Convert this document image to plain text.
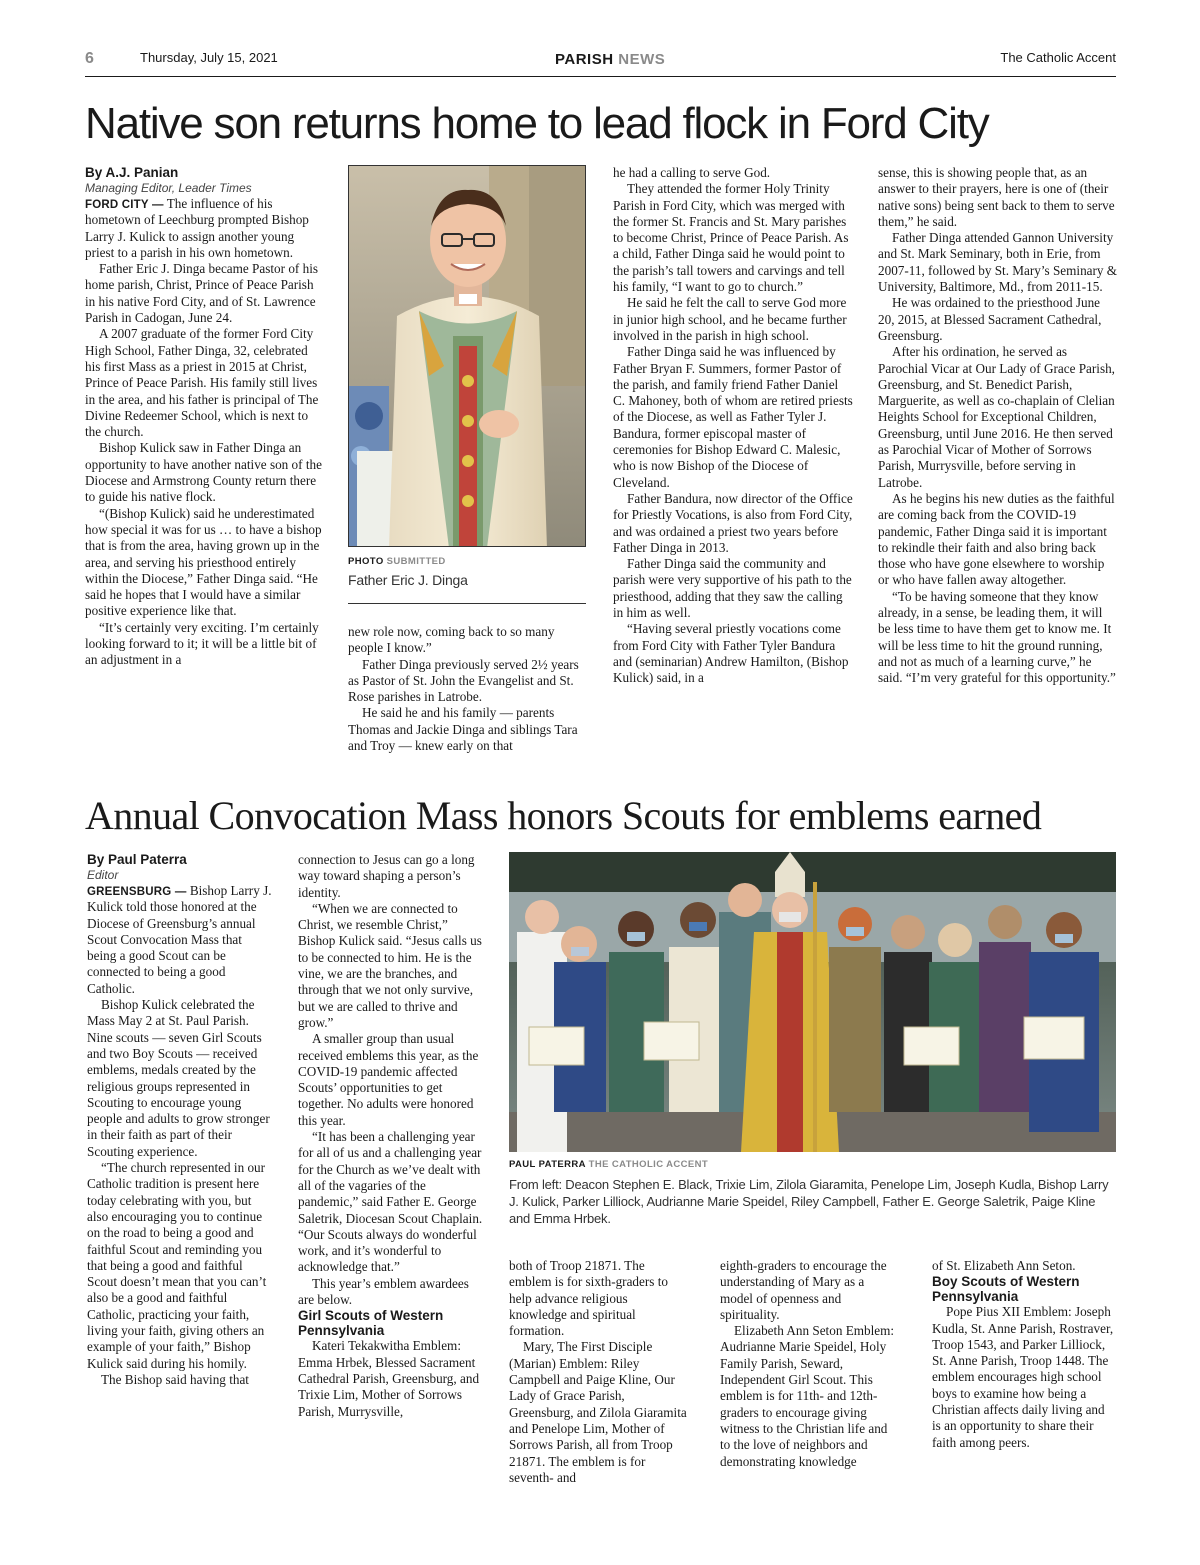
6	Thursday, July 15, 2021	PARISH NEWS	The Catholic Accent
Native son returns home to lead flock in Ford City

By A.J. Panian

Managing Editor, Leader Times

FORD CITY — The influence of his hometown of Leechburg prompted Bishop Larry J. Kulick to assign another young priest to a parish in his own hometown.

Father Eric J. Dinga became Pastor of his home parish, Christ, Prince of Peace Parish in his native Ford City, and of St. Lawrence Parish in Cadogan, June 24.

A 2007 graduate of the former Ford City High School, Father Dinga, 32, celebrated his first Mass as a priest in 2015 at Christ, Prince of Peace Parish. His family still lives in the area, and his father is principal of The Divine Redeemer School, which is next to the church.

Bishop Kulick saw in Father Dinga an opportunity to have another native son of the Diocese and Armstrong County return there to guide his native flock.

“(Bishop Kulick) said he underestimated how special it was for us … to have a bishop that is from the area, having grown up in the area, and serving his priesthood entirely within the Diocese,” Father Dinga said. “He said he hopes that I would have a similar positive experience like that.

“It’s certainly very exciting. I’m certainly looking forward to it; it will be a little bit of an adjustment in a

PHOTO SUBMITTED
Father Eric J. Dinga

new role now, coming back to so many people I know.”

Father Dinga previously served 2½ years as Pastor of St. John the Evangelist and St. Rose parishes in Latrobe.

He said he and his family — parents Thomas and Jackie Dinga and siblings Tara and Troy — knew early on that

he had a calling to serve God.

They attended the former Holy Trinity Parish in Ford City, which was merged with the former St. Francis and St. Mary parishes to become Christ, Prince of Peace Parish. As a child, Father Dinga said he would point to the parish’s tall towers and carvings and tell his family, “I want to go to church.”

He said he felt the call to serve God more in junior high school, and he became further involved in the parish in high school.

Father Dinga said he was influenced by Father Bryan F. Summers, former Pastor of the parish, and family friend Father Daniel C. Mahoney, both of whom are retired priests of the Diocese, as well as Father Tyler J. Bandura, former episcopal master of ceremonies for Bishop Edward C. Malesic, who is now Bishop of the Diocese of Cleveland.

Father Bandura, now director of the Office for Priestly Vocations, is also from Ford City, and was ordained a priest two years before Father Dinga in 2013.

Father Dinga said the community and parish were very supportive of his path to the priesthood, adding that they saw the calling in him as well.

“Having several priestly vocations come from Ford City with Father Tyler Bandura and (seminarian) Andrew Hamilton, (Bishop Kulick) said, in a

sense, this is showing people that, as an answer to their prayers, here is one of (their native sons) being sent back to them to serve them,” he said.

Father Dinga attended Gannon University and St. Mark Seminary, both in Erie, from 2007-11, followed by St. Mary’s Seminary & University, Baltimore, Md., from 2011-15.

He was ordained to the priesthood June 20, 2015, at Blessed Sacrament Cathedral, Greensburg.

After his ordination, he served as Parochial Vicar at Our Lady of Grace Parish, Greensburg, and St. Benedict Parish, Marguerite, as well as co-chaplain of Clelian Heights School for Exceptional Children, Greensburg, until June 2016. He then served as Parochial Vicar of Mother of Sorrows Parish, Murrysville, before serving in Latrobe.

As he begins his new duties as the faithful are coming back from the COVID-19 pandemic, Father Dinga said it is important to rekindle their faith and also bring back those who have gone elsewhere to worship or who have fallen away altogether.

“To be having someone that they know already, in a sense, be leading them, it will be less time to have them get to know me. It will be less time to hit the ground running, and not as much of a learning curve,” he said. “I’m very grateful for this opportunity.”

Annual Convocation Mass honors Scouts for emblems earned

By Paul Paterra

Editor

GREENSBURG — Bishop Larry J. Kulick told those honored at the Diocese of Greensburg’s annual Scout Convocation Mass that being a good Scout can be connected to being a good Catholic.

Bishop Kulick celebrated the Mass May 2 at St. Paul Parish. Nine scouts — seven Girl Scouts and two Boy Scouts — received emblems, medals created by the religious groups represented in Scouting to encourage young people and adults to grow stronger in their faith as part of their Scouting experience.

“The church represented in our Catholic tradition is present here today celebrating with you, but also encouraging you to continue on the road to being a good and faithful Scout and reminding you that being a good and faithful Scout doesn’t mean that you can’t also be a good and faithful Catholic, practicing your faith, living your faith, giving others an example of your faith,” Bishop Kulick said during his homily.

The Bishop said having that

connection to Jesus can go a long way toward shaping a person’s identity.

“When we are connected to Christ, we resemble Christ,” Bishop Kulick said. “Jesus calls us to be connected to him. He is the vine, we are the branches, and through that we not only survive, but we are called to thrive and grow.”

A smaller group than usual received emblems this year, as the COVID-19 pandemic affected Scouts’ opportunities to get together. No adults were honored this year.

“It has been a challenging year for all of us and a challenging year for the Church as we’ve dealt with all of the vagaries of the pandemic,” said Father E. George Saletrik, Diocesan Scout Chaplain. “Our Scouts always do wonderful work, and it’s wonderful to acknowledge that.”

This year’s emblem awardees are below.

Girl Scouts of Western Pennsylvania

Kateri Tekakwitha Emblem: Emma Hrbek, Blessed Sacrament Cathedral Parish, Greensburg, and Trixie Lim, Mother of Sorrows Parish, Murrysville,

PAUL PATERRA THE CATHOLIC ACCENT
From left: Deacon Stephen E. Black, Trixie Lim, Zilola Giaramita, Penelope Lim, Joseph Kudla, Bishop Larry J. Kulick, Parker Lilliock, Audrianne Marie Speidel, Riley Campbell, Father E. George Saletrik, Paige Kline and Emma Hrbek.

both of Troop 21871. The emblem is for sixth-graders to help advance religious knowledge and spiritual formation.

Mary, The First Disciple (Marian) Emblem: Riley Campbell and Paige Kline, Our Lady of Grace Parish, Greensburg, and Zilola Giaramita and Penelope Lim, Mother of Sorrows Parish, all from Troop 21871. The emblem is for seventh- and

eighth-graders to encourage the understanding of Mary as a model of openness and spirituality.

Elizabeth Ann Seton Emblem: Audrianne Marie Speidel, Holy Family Parish, Seward, Independent Girl Scout. This emblem is for 11th- and 12th-graders to encourage giving witness to the Christian life and to the love of neighbors and demonstrating knowledge

of St. Elizabeth Ann Seton.

Boy Scouts of Western Pennsylvania

Pope Pius XII Emblem: Joseph Kudla, St. Anne Parish, Rostraver, Troop 1543, and Parker Lilliock, St. Anne Parish, Troop 1448. The emblem encourages high school boys to examine how being a Christian affects daily living and is an opportunity to share their faith among peers.
